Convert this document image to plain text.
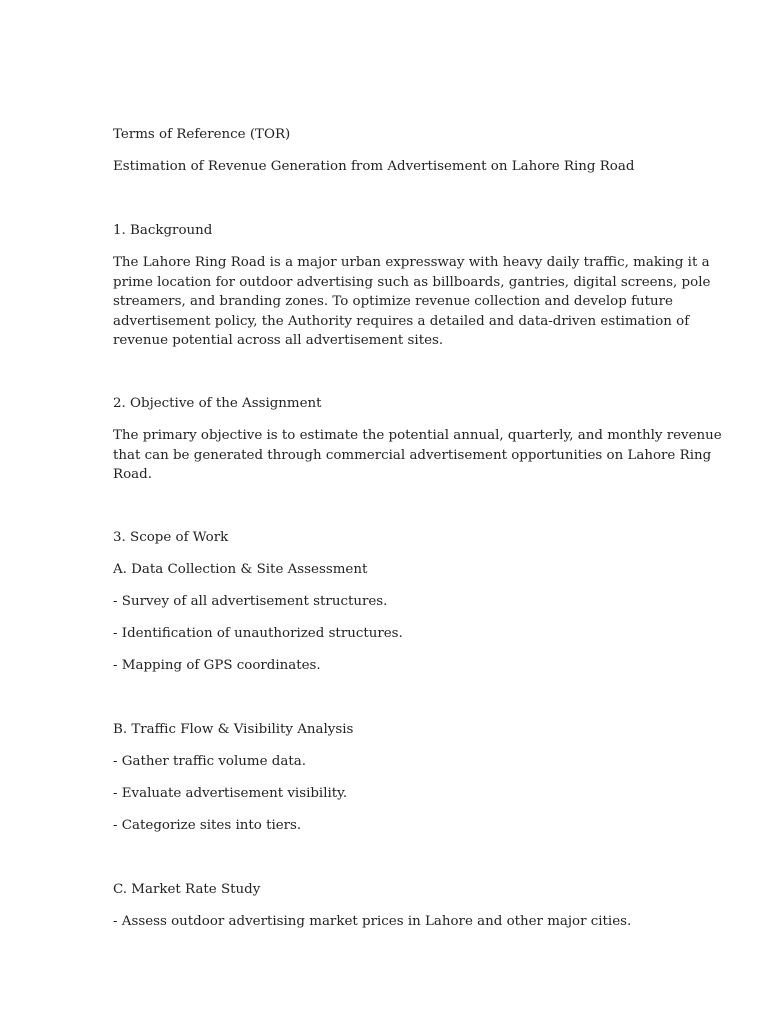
Terms of Reference (TOR)

Estimation of Revenue Generation from Advertisement on Lahore Ring Road

1. Background

The Lahore Ring Road is a major urban expressway with heavy daily traffic, making it a
prime location for outdoor advertising such as billboards, gantries, digital screens, pole
streamers, and branding zones. To optimize revenue collection and develop future
advertisement policy, the Authority requires a detailed and data-driven estimation of
revenue potential across all advertisement sites.

2. Objective of the Assignment

The primary objective is to estimate the potential annual, quarterly, and monthly revenue
that can be generated through commercial advertisement opportunities on Lahore Ring
Road.

3. Scope of Work

A. Data Collection & Site Assessment

- Survey of all advertisement structures.

- Identification of unauthorized structures.

- Mapping of GPS coordinates.

B. Traffic Flow & Visibility Analysis

- Gather traffic volume data.

- Evaluate advertisement visibility.

- Categorize sites into tiers.

C. Market Rate Study

- Assess outdoor advertising market prices in Lahore and other major cities.
